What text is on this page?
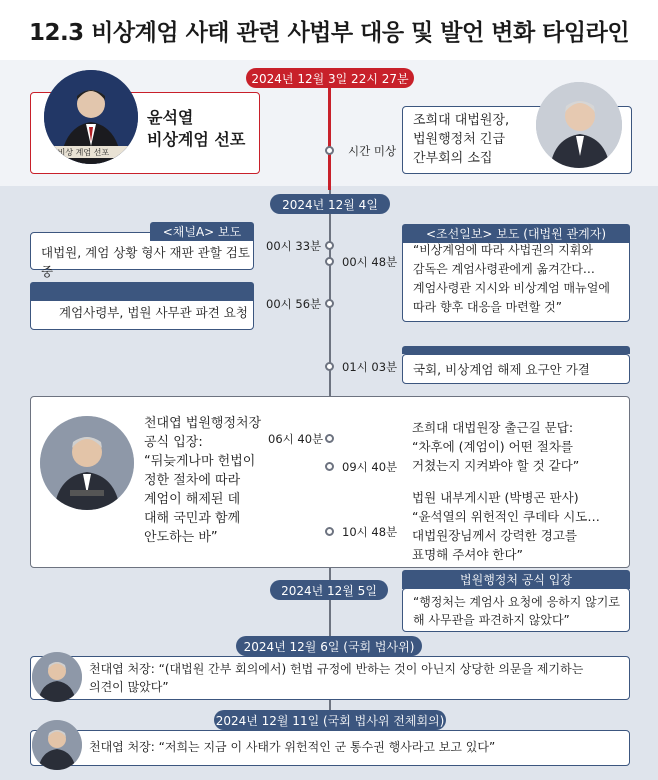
12.3 비상계엄 사태 관련 사법부 대응 및 발언 변화 타임라인
2024년 12월 3일 22시 27분
윤석열
비상계엄 선포
"비상 계엄 선포	시간 미상
조희대 대법원장,
법원행정처 긴급
간부회의 소집
2024년 12월 4일
대법원, 계엄 상황 형사 재판 관할 검토중
<채널A> 보도
00시 33분	“비상계엄에 따라 사법권의 지휘와
감독은 계엄사령관에게 옮겨간다…
계엄사령관 지시와 비상계엄 매뉴얼에
따라 향후 대응을 마련할 것”
<조선일보> 보도 (대법원 관계자)
00시 48분
계엄사령부, 법원 사무관 파견 요청
00시 56분
01시 03분 국회, 비상계엄 해제 요구안 가결
천대엽 법원행정처장
공식 입장:
“뒤늦게나마 헌법이
정한 절차에 따라
계엄이 해제된 데
대해 국민과 함께
안도하는 바”
06시 40분
09시 40분
조희대 대법원장 출근길 문답:
“차후에 (계엄이) 어떤 절차를
거쳤는지 지켜봐야 할 것 같다”
10시 48분
법원 내부게시판 (박병곤 판사)
“윤석열의 위헌적인 쿠데타 시도…
대법원장님께서 강력한 경고를
표명해 주셔야 한다”
2024년 12월 5일
“행정처는 계엄사 요청에 응하지 않기로
해 사무관을 파견하지 않았다”
법원행정처 공식 입장
2024년 12월 6일 (국회 법사위)
천대엽 처장: “(대법원 간부 회의에서) 헌법 규정에 반하는 것이 아닌지 상당한 의문을 제기하는
의견이 많았다”
2024년 12월 11일 (국회 법사위 전체회의)
천대엽 처장: “저희는 지금 이 사태가 위헌적인 군 통수권 행사라고 보고 있다”
